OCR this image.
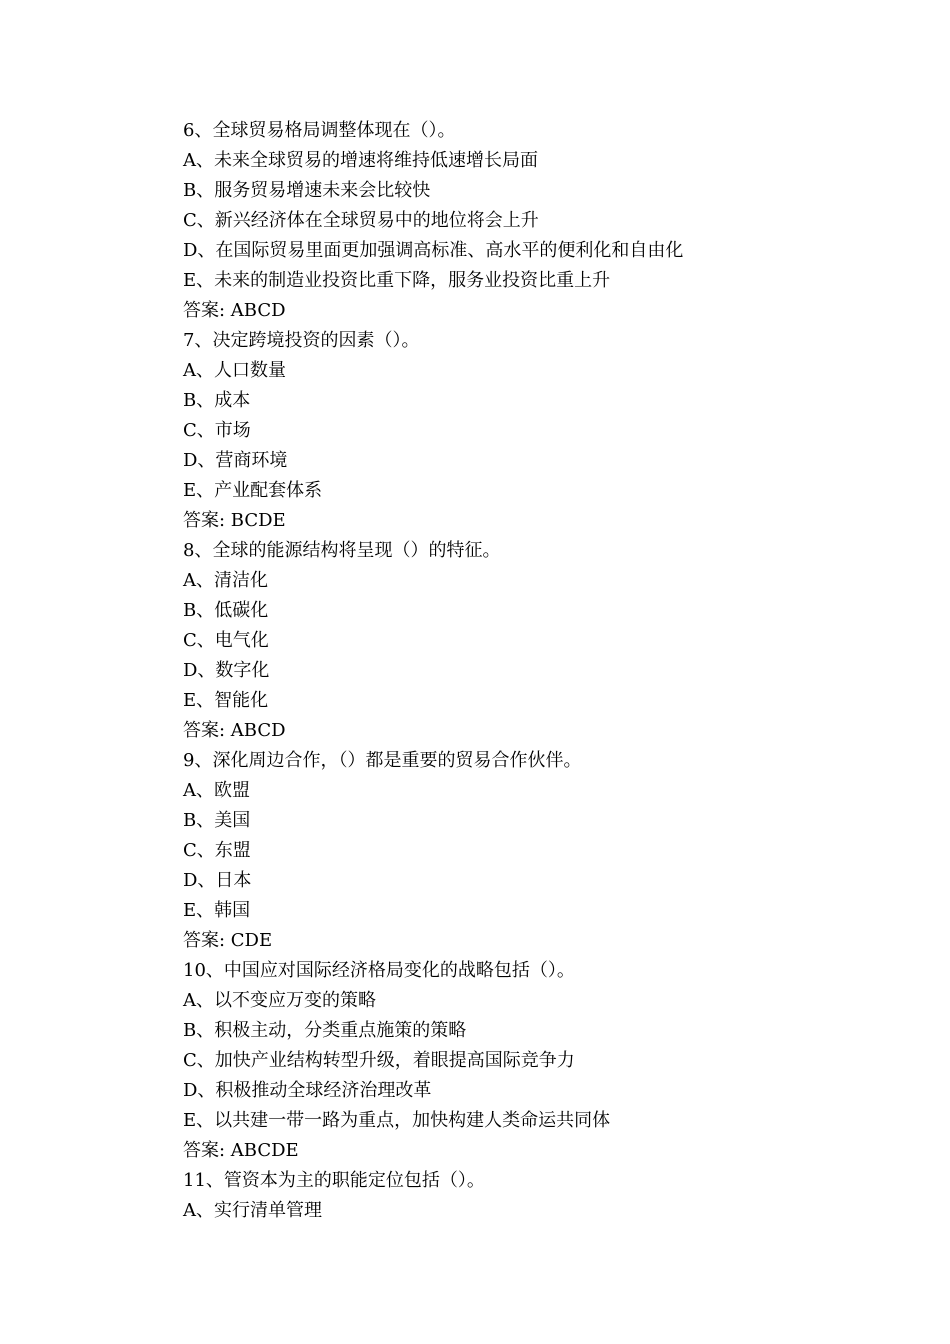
6、全球贸易格局调整体现在（）。
A、未来全球贸易的增速将维持低速增长局面
B、服务贸易增速未来会比较快
C、新兴经济体在全球贸易中的地位将会上升
D、在国际贸易里面更加强调高标准、高水平的便利化和自由化
E、未来的制造业投资比重下降，服务业投资比重上升
答案: ABCD
7、决定跨境投资的因素（）。
A、人口数量
B、成本
C、市场
D、营商环境
E、产业配套体系
答案: BCDE
8、全球的能源结构将呈现（）的特征。
A、清洁化
B、低碳化
C、电气化
D、数字化
E、智能化
答案: ABCD
9、深化周边合作，（）都是重要的贸易合作伙伴。
A、欧盟
B、美国
C、东盟
D、日本
E、韩国
答案: CDE
10、中国应对国际经济格局变化的战略包括（）。
A、以不变应万变的策略
B、积极主动，分类重点施策的策略
C、加快产业结构转型升级，着眼提高国际竞争力
D、积极推动全球经济治理改革
E、以共建一带一路为重点，加快构建人类命运共同体
答案: ABCDE
11、管资本为主的职能定位包括（）。
A、实行清单管理
